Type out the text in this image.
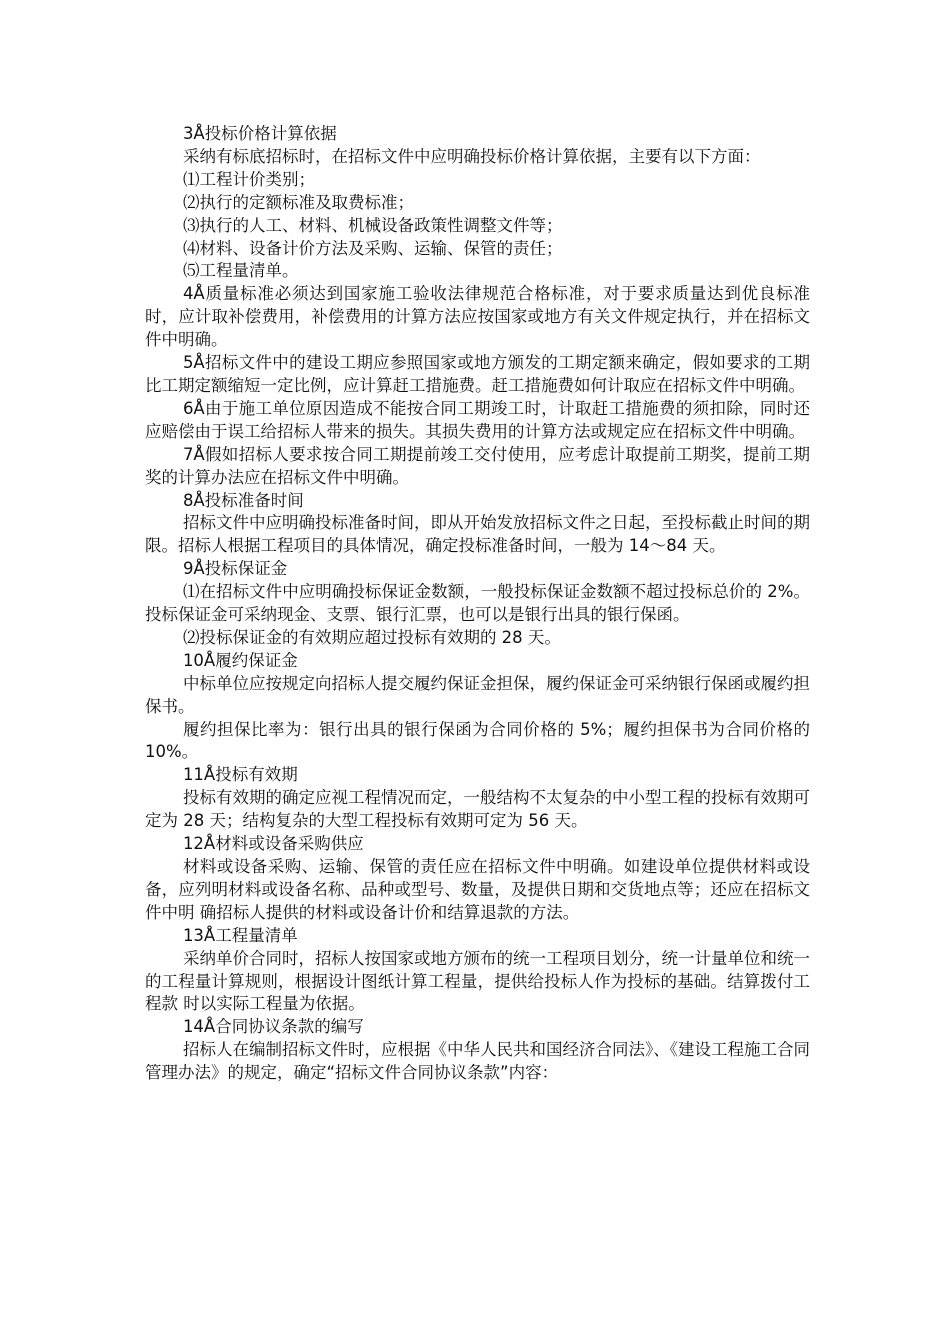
3Å投标价格计算依据

采纳有标底招标时，在招标文件中应明确投标价格计算依据，主要有以下方面：

⑴工程计价类别；

⑵执行的定额标准及取费标准；

⑶执行的人工、材料、机械设备政策性调整文件等；

⑷材料、设备计价方法及采购、运输、保管的责任；

⑸工程量清单。

4Å质量标准必须达到国家施工验收法律规范合格标准，对于要求质量达到优良标准时，应计取补偿费用，补偿费用的计算方法应按国家或地方有关文件规定执行，并在招标文件中明确。

5Å招标文件中的建设工期应参照国家或地方颁发的工期定额来确定，假如要求的工期比工期定额缩短一定比例，应计算赶工措施费。赶工措施费如何计取应在招标文件中明确。

6Å由于施工单位原因造成不能按合同工期竣工时，计取赶工措施费的须扣除，同时还应赔偿由于误工给招标人带来的损失。其损失费用的计算方法或规定应在招标文件中明确。

7Å假如招标人要求按合同工期提前竣工交付使用，应考虑计取提前工期奖，提前工期奖的计算办法应在招标文件中明确。

8Å投标准备时间

招标文件中应明确投标准备时间，即从开始发放招标文件之日起，至投标截止时间的期限。招标人根据工程项目的具体情况，确定投标准备时间，一般为 14～84 天。

9Å投标保证金

⑴在招标文件中应明确投标保证金数额，一般投标保证金数额不超过投标总价的 2%。投标保证金可采纳现金、支票、银行汇票，也可以是银行出具的银行保函。

⑵投标保证金的有效期应超过投标有效期的 28 天。

10Å履约保证金

中标单位应按规定向招标人提交履约保证金担保，履约保证金可采纳银行保函或履约担保书。

履约担保比率为：银行出具的银行保函为合同价格的 5%；履约担保书为合同价格的 10%。

11Å投标有效期

投标有效期的确定应视工程情况而定，一般结构不太复杂的中小型工程的投标有效期可定为 28 天；结构复杂的大型工程投标有效期可定为 56 天。

12Å材料或设备采购供应

材料或设备采购、运输、保管的责任应在招标文件中明确。如建设单位提供材料或设备，应列明材料或设备名称、品种或型号、数量，及提供日期和交货地点等；还应在招标文件中明 确招标人提供的材料或设备计价和结算退款的方法。

13Å工程量清单

采纳单价合同时，招标人按国家或地方颁布的统一工程项目划分，统一计量单位和统一的工程量计算规则，根据设计图纸计算工程量，提供给投标人作为投标的基础。结算拨付工程款 时以实际工程量为依据。

14Å合同协议条款的编写

招标人在编制招标文件时，应根据《中华人民共和国经济合同法》、《建设工程施工合同管理办法》的规定，确定“招标文件合同协议条款”内容：
